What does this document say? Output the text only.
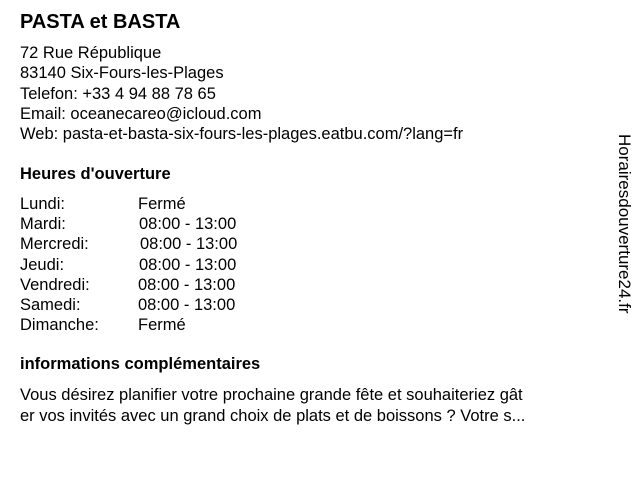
PASTA et BASTA
72 Rue République
83140 Six-Fours-les-Plages
Telefon: +33 4 94 88 78 65
Email: oceanecareo@icloud.com
Web: pasta-et-basta-six-fours-les-plages.eatbu.com/?lang=fr
Heures d'ouverture
Lundi:	Fermé
Mardi:	08:00 - 13:00
Mercredi:	08:00 - 13:00
Jeudi:	08:00 - 13:00
Vendredi:	08:00 - 13:00
Samedi:	08:00 - 13:00
Dimanche: Fermé
informations complémentaires
Vous désirez planifier votre prochaine grande fête et souhaiteriez gât
er vos invités avec un grand choix de plats et de boissons ? Votre s...
Horairesdouverture24.fr
